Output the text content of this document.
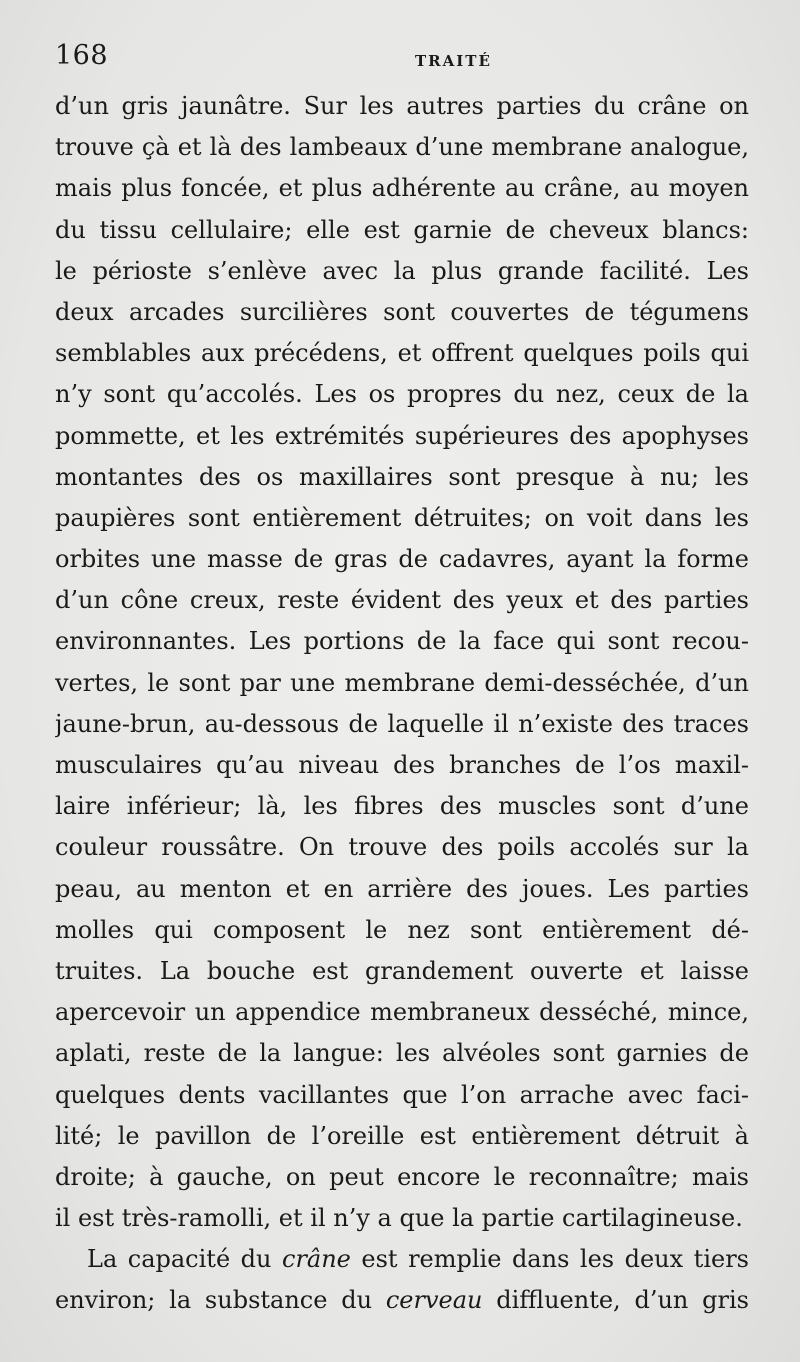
168	TRAITÉ
d’un gris jaunâtre. Sur les autres parties du crâne on
trouve çà et là des lambeaux d’une membrane analogue,
mais plus foncée, et plus adhérente au crâne, au moyen
du tissu cellulaire; elle est garnie de cheveux blancs:
le périoste s’enlève avec la plus grande facilité. Les
deux arcades surcilières sont couvertes de tégumens
semblables aux précédens, et offrent quelques poils qui
n’y sont qu’accolés. Les os propres du nez, ceux de la
pommette, et les extrémités supérieures des apophyses
montantes des os maxillaires sont presque à nu; les
paupières sont entièrement détruites; on voit dans les
orbites une masse de gras de cadavres, ayant la forme
d’un cône creux, reste évident des yeux et des parties
environnantes. Les portions de la face qui sont recou-
vertes, le sont par une membrane demi-desséchée, d’un
jaune-brun, au-dessous de laquelle il n’existe des traces
musculaires qu’au niveau des branches de l’os maxil-
laire inférieur; là, les fibres des muscles sont d’une
couleur roussâtre. On trouve des poils accolés sur la
peau, au menton et en arrière des joues. Les parties
molles qui composent le nez sont entièrement dé-
truites. La bouche est grandement ouverte et laisse
apercevoir un appendice membraneux desséché, mince,
aplati, reste de la langue: les alvéoles sont garnies de
quelques dents vacillantes que l’on arrache avec faci-
lité; le pavillon de l’oreille est entièrement détruit à
droite; à gauche, on peut encore le reconnaître; mais
il est très-ramolli, et il n’y a que la partie cartilagineuse.
La capacité du crâne est remplie dans les deux tiers
environ; la substance du cerveau diffluente, d’un gris
